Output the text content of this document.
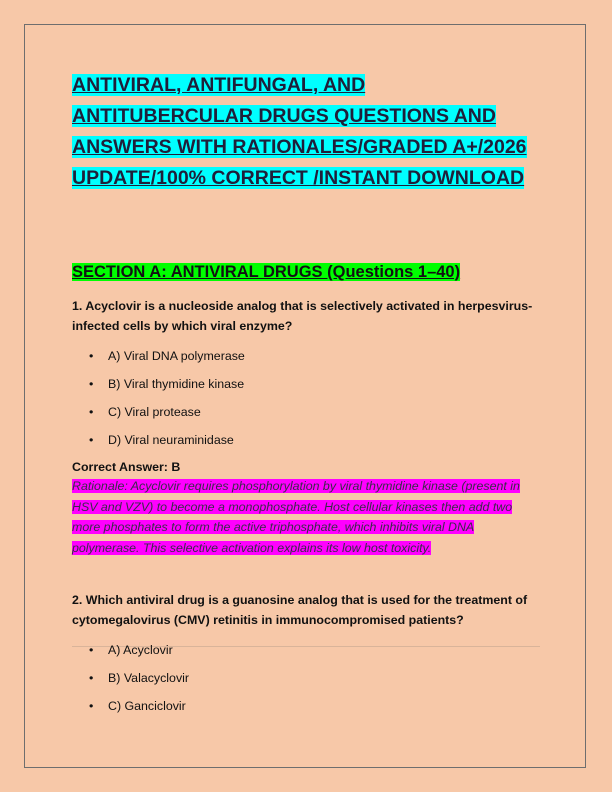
ANTIVIRAL, ANTIFUNGAL, AND ANTITUBERCULAR DRUGS QUESTIONS AND ANSWERS WITH RATIONALES/GRADED A+/2026 UPDATE/100% CORRECT /INSTANT DOWNLOAD
SECTION A: ANTIVIRAL DRUGS (Questions 1–40)

1. Acyclovir is a nucleoside analog that is selectively activated in herpesvirus-infected cells by which viral enzyme?

• A) Viral DNA polymerase
• B) Viral thymidine kinase
• C) Viral protease
• D) Viral neuraminidase

Correct Answer: B

Rationale: Acyclovir requires phosphorylation by viral thymidine kinase (present in HSV and VZV) to become a monophosphate. Host cellular kinases then add two more phosphates to form the active triphosphate, which inhibits viral DNA polymerase. This selective activation explains its low host toxicity.

2. Which antiviral drug is a guanosine analog that is used for the treatment of cytomegalovirus (CMV) retinitis in immunocompromised patients?

• A) Acyclovir
• B) Valacyclovir
• C) Ganciclovir
